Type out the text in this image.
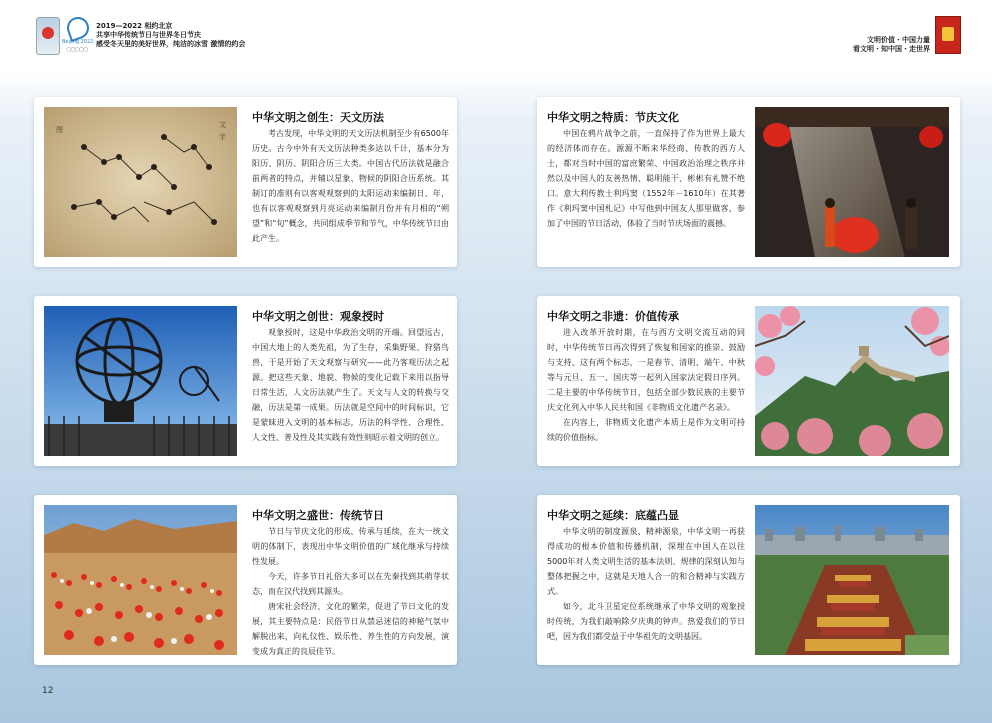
Beijing 2022
○○○○○
2019—2022 相约北京
共享中华传统节日与世界冬日节庆
感受冬天里的美好世界，纯洁的冰雪 激情的约会	文明价值・中国力量
看文明・知中国・走世界
文
字
图
中华文明之创生：天文历法

考古发现，中华文明的天文历法机制至少有6500年历史。古今中外有天文历法种类多达以千计，基本分为阳历、阴历、阴阳合历三大类。中国古代历法就是融合前两者的特点，并辅以星象、物候的阴阳合历系统。其制订的准则有以客观观察到的太阳运动来编制日、年，也有以客观观察到月亮运动来编制月份并有月相的“朔望”和“旬”概念，共同组成季节和节气，中华传统节日由此产生。

中华文明之特质：节庆文化

中国在鸦片战争之前，一直保持了作为世界上最大的经济体而存在。源源不断来华经商、传教的西方人士，都对当时中国的富庶繁荣、中国政治治理之秩序井然以及中国人的友善热情、聪明能干、彬彬有礼赞不绝口。意大利传教士利玛窦（1552年－1610年）在其著作《利玛窦中国札记》中写他到中国友人那里做客，参加了中国的节日活动，体验了当时节庆场面的震撼。

中华文明之创世：观象授时

观象授时，这是中华政治文明的开端。回望远古，中国大地上的人类先祖，为了生存，采集野果、狩猎鸟兽，于是开始了天文观察与研究——此乃客观历法之起源。把这些天象、地貌、物候的变化记载下来用以指导日常生活，人文历法就产生了。天文与人文的转换与交融，历法是第一成果。历法就是空间中的时间标识，它是蒙昧进入文明的基本标志，历法的科学性、合理性、人文性、普及性及其实践有效性则昭示着文明的创立。

中华文明之非遗：价值传承

进入改革开放时期，在与西方文明交流互动的同时，中华传统节日再次得到了恢复和国家的推崇、鼓励与支持，这有两个标志，一是春节、清明、端午、中秋等与元旦、五一、国庆等一起列入国家法定假日序列。二是主要的中华传统节日，包括全部少数民族的主要节庆文化列入中华人民共和国《非物质文化遗产名录》。

在内容上，非物质文化遗产本质上是作为文明可持续的价值指标。

中华文明之盛世：传统节日

节日与节庆文化的形成、传承与延续，在大一统文明的体制下，表现出中华文明价值的广域化继承与持续性发展。

今天，许多节日礼俗大多可以在先秦找到其萌芽状态，而在汉代找到其源头。

唐宋社会经济、文化的繁荣，促进了节日文化的发展，其主要特点是：民俗节日从禁忌迷信的神秘气氛中解脱出来，向礼仪性、娱乐性、养生性的方向发展，演变成为真正的良辰佳节。

中华文明之延续：底蕴凸显

中华文明的制度源泉、精神源泉，中华文明一再获得成功的根本价值和传播机制，深埋在中国人在以往5000年对人类文明生活的基本法则、规律的深刻认知与整体把握之中，这就是天地人合一的和合精神与实践方式。

如今，北斗卫星定位系统继承了中华文明的观象授时传统，为我们敲响除夕庆典的钟声。热爱我们的节日吧，因为我们都受益于中华祖先的文明基因。

12
